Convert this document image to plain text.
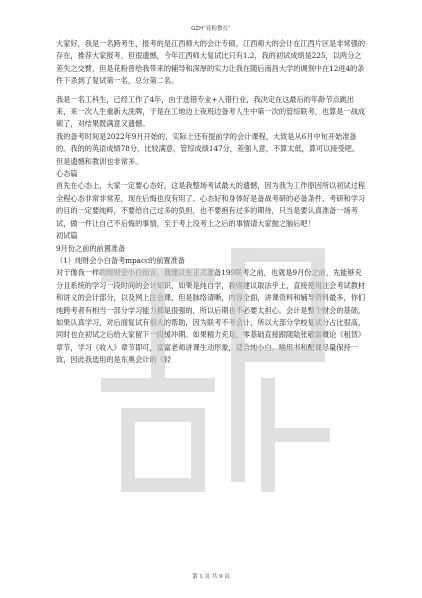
GZH“花粉教育”

大家好，我是一名跨考生，报考的是江西师大的会计专硕，江西师大的会计在江西片区是非常强的存在，推荐大家报考，但很遗憾，今年江西师大复试比只有1.2，我的初试成绩是225，以两分之差失之交臂，但是花粉曾给我带来的辅导和深厚的实力让我在随后南昌大学的调剂中在12进4的条件下杀到了复试第一名，总分第二名。

我是一名工科生，已经工作了4年，由于选错专业+入错行业，我决定在这最后的年龄节点跳出来，来一次人生重新大洗牌，于是在工地边上夜班边备考人生中第一次的管综联考，也算是一战成硕了，对结果既满意又遗憾。

我的备考时间是2022年9月开始的，实际上还有提前学的会计课程，大致是从6月中旬开始准备的。我的的英语成绩78分，比较满意，管综成绩147分，差强人意，不算太低，算可以接受吧。但是遗憾和教训也非常多。

心态篇

首先在心态上，大家一定要心态好，这是我整场考试最大的遗憾，因为我为工作原因所以初试过程全程心态非常非常差，现在后悔也没有用了。心态好和身体好是备战考研的必备条件，考研和学习的目的一定要纯粹，不要给自己过多的负担，也不要抱有过多的期待，只当是要认真准备一场考试，做一件让自己不后悔的事情，至于考上没考上之后的事情请大家抛之脑后吧！

初试篇

9月份之前的前置准备

（1）纯财会小白备考mpacc的前置准备

对于像我一样的纯财会小白而言，我建议在正式准备199联考之前，也就是9月份之前，先能够充分且系统的学习一段时间的会计知识，如果是纯自学，我则建议取法乎上，直接使用注会考试教材和讲义的会计部分，以及网上注会课，但是脉络清晰，内容全面，讲课资料和辅导资料最多，你们纯跨考者有相当一部分学习能力都是很强的，所以后期也不必要太担心。会计是整个财会的基础，如果认真学习，对后面复试有很大的帮助，因为联考不考会计，所以大部分学校复试分占比很高，同时也在初试之后给大家留下一段缓冲期。如果精力充足，零基础直接跟随陆张敬富概论《租赁》章节，学习《收入》章节即可，富富老师讲课生动形象，适合纯小白。喻用书和配课尽量保持一致，因此我选用的是东奥会计的《轻

第 1 页 共 9 页
